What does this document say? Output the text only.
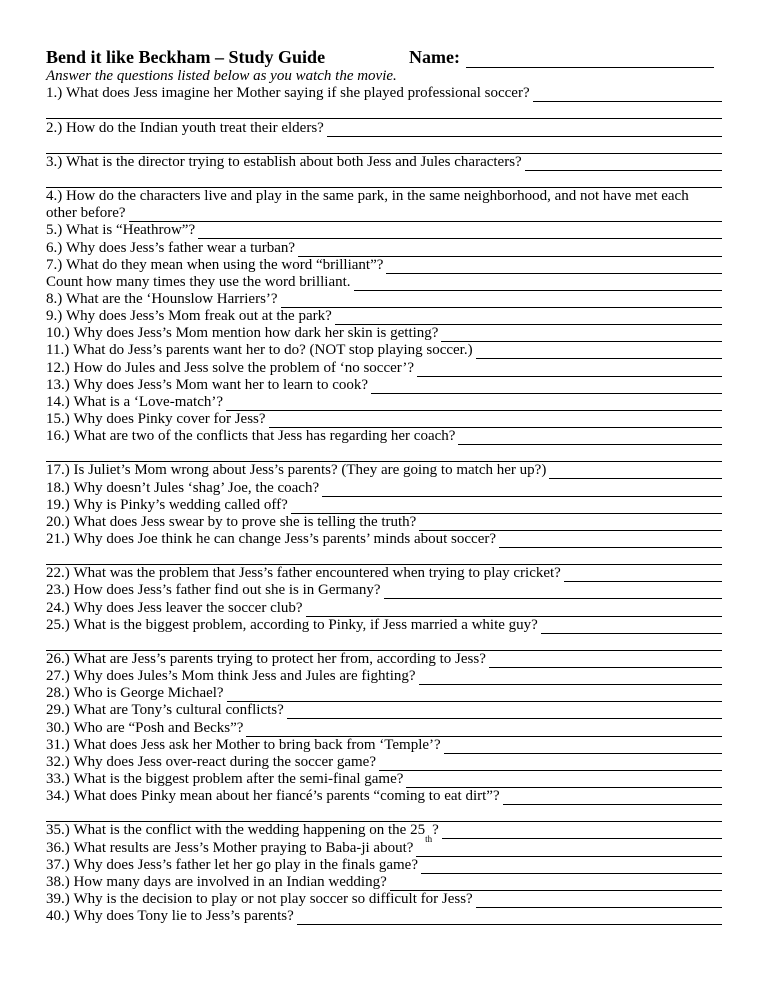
Bend it like Beckham – Study Guide	Name:
Answer the questions listed below as you watch the movie.
1.)
What does Jess imagine her Mother saying if she played professional soccer?
2.)
How do the Indian youth treat their elders?
3.)
What is the director trying to establish about both Jess and Jules characters?
4.)
How do the characters live and play in the same park, in the same neighborhood, and not have met each
other before?
5.)
What is “Heathrow”?
6.)
Why does Jess’s father wear a turban?
7.)
What do they mean when using the word “brilliant”?
Count how many times they use the word brilliant.
8.)
What are the ‘Hounslow Harriers’?
9.)
Why does Jess’s Mom freak out at the park?
10.)
Why does Jess’s Mom mention how dark her skin is getting?
11.)
What do Jess’s parents want her to do? (NOT stop playing soccer.)
12.)
How do Jules and Jess solve the problem of ‘no soccer’?
13.)
Why does Jess’s Mom want her to learn to cook?
14.)
What is a ‘Love-match’?
15.)
Why does Pinky cover for Jess?
16.)
What are two of the conflicts that Jess has regarding her coach?
17.)
Is Juliet’s Mom wrong about Jess’s parents? (They are going to match her up?)
18.)
Why doesn’t Jules ‘shag’ Joe, the coach?
19.)
Why is Pinky’s wedding called off?
20.)
What does Jess swear by to prove she is telling the truth?
21.)
Why does Joe think he can change Jess’s parents’ minds about soccer?
22.)
What was the problem that Jess’s father encountered when trying to play cricket?
23.)
How does Jess’s father find out she is in Germany?
24.)
Why does Jess leaver the soccer club?
25.)
What is the biggest problem, according to Pinky, if Jess married a white guy?
26.)
What are Jess’s parents trying to protect her from, according to Jess?
27.)
Why does Jules’s Mom think Jess and Jules are fighting?
28.)
Who is George Michael?
29.)
What are Tony’s cultural conflicts?
30.)
Who are “Posh and Becks”?
31.)
What does Jess ask her Mother to bring back from ‘Temple’?
32.)
Why does Jess over-react during the soccer game?
33.)
What is the biggest problem after the semi-final game?
34.)
What does Pinky mean about her fiancé’s parents “coming to eat dirt”?
35.)
What is the conflict with the wedding happening on the 25
th
?
36.)
What results are Jess’s Mother praying to Baba-ji about?
37.)
Why does Jess’s father let her go play in the finals game?
38.)
How many days are involved in an Indian wedding?
39.)
Why is the decision to play or not play soccer so difficult for Jess?
40.)
Why does Tony lie to Jess’s parents?
